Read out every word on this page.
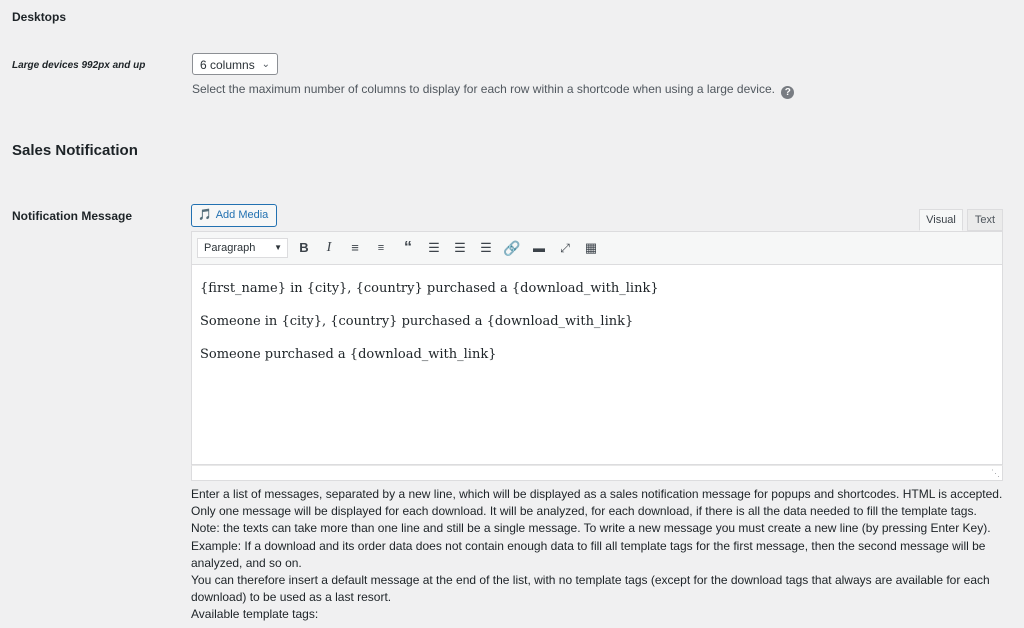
Desktops
Large devices 992px and up	6 columns ⌄
Select the maximum number of columns to display for each row within a shortcode when using a large device. ?
Sales Notification
Notification Message	🎵 Add Media	Visual	Text
Paragraph ▼	B	I	≡	≡	“	☰ ☰ ☰ 🔗 ▬	⤢	▦

{first_name} in {city}, {country} purchased a {download_with_link}

Someone in {city}, {country} purchased a {download_with_link}

Someone purchased a {download_with_link}

⋱
Enter a list of messages, separated by a new line, which will be displayed as a sales notification message for popups and shortcodes. HTML is accepted.
Only one message will be displayed for each download. It will be analyzed, for each download, if there is all the data needed to fill the template tags.
Note: the texts can take more than one line and still be a single message. To write a new message you must create a new line (by pressing Enter Key).
Example: If a download and its order data does not contain enough data to fill all template tags for the first message, then the second message will be analyzed, and so on.
You can therefore insert a default message at the end of the list, with no template tags (except for the download tags that always are available for each download) to be used as a last resort.
Available template tags:
